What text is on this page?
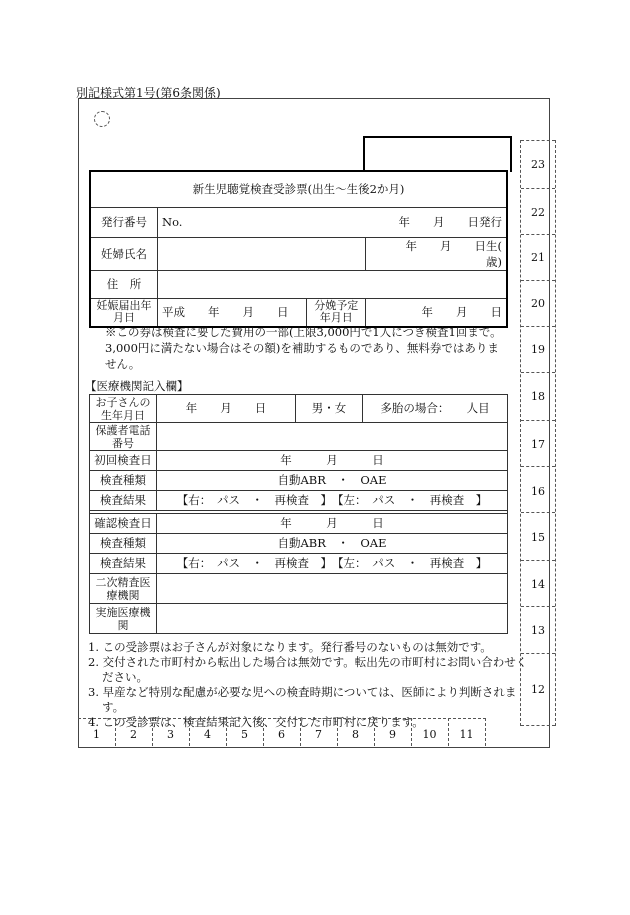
別記様式第1号(第6条関係)
新生児聴覚検査受診票(出生〜生後2か月)			
発行番号	No.		年　　月　　日発行
妊婦氏名			年　　月　　日生(　　歳)
住　所			
妊娠届出年月日	平成　　年　　月　　日	分娩予定年月日	年　　月　　日
※この券は検査に要した費用の一部(上限3,000円で1人につき検査1回まで。3,000円に満たない場合はその額)を補助するものであり、無料券ではありません。
【医療機関記入欄】
お子さんの生年月日	年　　月　　日	男・女	多胎の場合：　　人目
保護者電話番号			
初回検査日	年　　　月　　　日		
検査種類	自動ABR　・　OAE		
検査結果	【右：　パス　・　再検査　】　 【左：　パス　・　再検査　】		

確認検査日	年　　　月　　　日		
検査種類	自動ABR　・　OAE		
検査結果	【右：　パス　・　再検査　】　 【左：　パス　・　再検査　】		
二次精査医療機関			
実施医療機関			
1. この受診票はお子さんが対象になります。発行番号のないものは無効です。
2. 交付された市町村から転出した場合は無効です。転出先の市町村にお問い合わせください。
3. 早産など特別な配慮が必要な児への検査時期については、医師により判断されます。
4. この受診票は、検査結果記入後、交付した市町村に戻ります。
23
22
21
20
19
18
17
16
15
14
13
12
1	2	3	4	5	6	7	8	9	10	11
